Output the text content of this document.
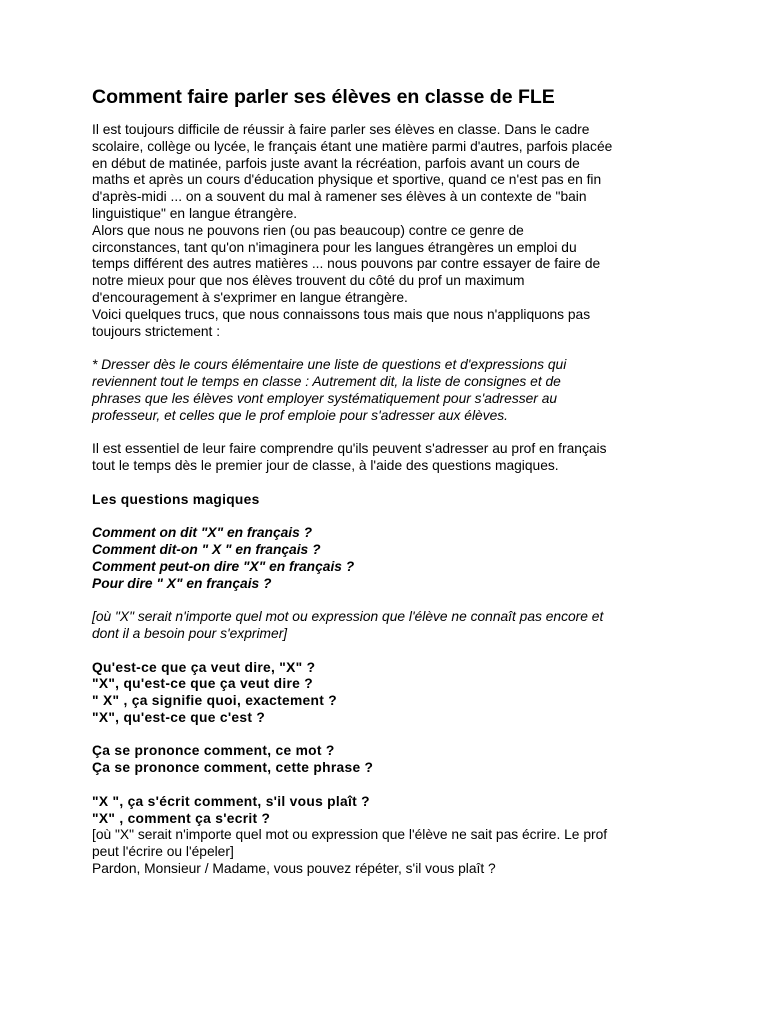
Comment faire parler ses élèves en classe de FLE

Il est toujours difficile de réussir à faire parler ses élèves en classe. Dans le cadre
scolaire, collège ou lycée, le français étant une matière parmi d'autres, parfois placée
en début de matinée, parfois juste avant la récréation, parfois avant un cours de
maths et après un cours d'éducation physique et sportive, quand ce n'est pas en fin
d'après-midi ... on a souvent du mal à ramener ses élèves à un contexte de "bain
linguistique" en langue étrangère.
Alors que nous ne pouvons rien (ou pas beaucoup) contre ce genre de
circonstances, tant qu'on n'imaginera pour les langues étrangères un emploi du
temps différent des autres matières ... nous pouvons par contre essayer de faire de
notre mieux pour que nos élèves trouvent du côté du prof un maximum
d'encouragement à s'exprimer en langue étrangère.
Voici quelques trucs, que nous connaissons tous mais que nous n'appliquons pas
toujours strictement :

* Dresser dès le cours élémentaire une liste de questions et d'expressions qui
reviennent tout le temps en classe : Autrement dit, la liste de consignes et de
phrases que les élèves vont employer systématiquement pour s'adresser au
professeur, et celles que le prof emploie pour s'adresser aux élèves.

Il est essentiel de leur faire comprendre qu'ils peuvent s'adresser au prof en français
tout le temps dès le premier jour de classe, à l'aide des questions magiques.

Les questions magiques

Comment on dit "X" en français ?
Comment dit-on " X " en français ?
Comment peut-on dire "X" en français ?
Pour dire " X" en français ?

[où "X" serait n'importe quel mot ou expression que l'élève ne connaît pas encore et
dont il a besoin pour s'exprimer]

Qu'est-ce que ça veut dire, "X" ?
"X", qu'est-ce que ça veut dire ?
" X" , ça signifie quoi, exactement ?
"X", qu'est-ce que c'est ?

Ça se prononce comment, ce mot ?
Ça se prononce comment, cette phrase ?

"X ", ça s'écrit comment, s'il vous plaît ?
"X" , comment ça s'ecrit ?

[où "X" serait n'importe quel mot ou expression que l'élève ne sait pas écrire. Le prof
peut l'écrire ou l'épeler]
Pardon, Monsieur / Madame, vous pouvez répéter, s'il vous plaît ?
